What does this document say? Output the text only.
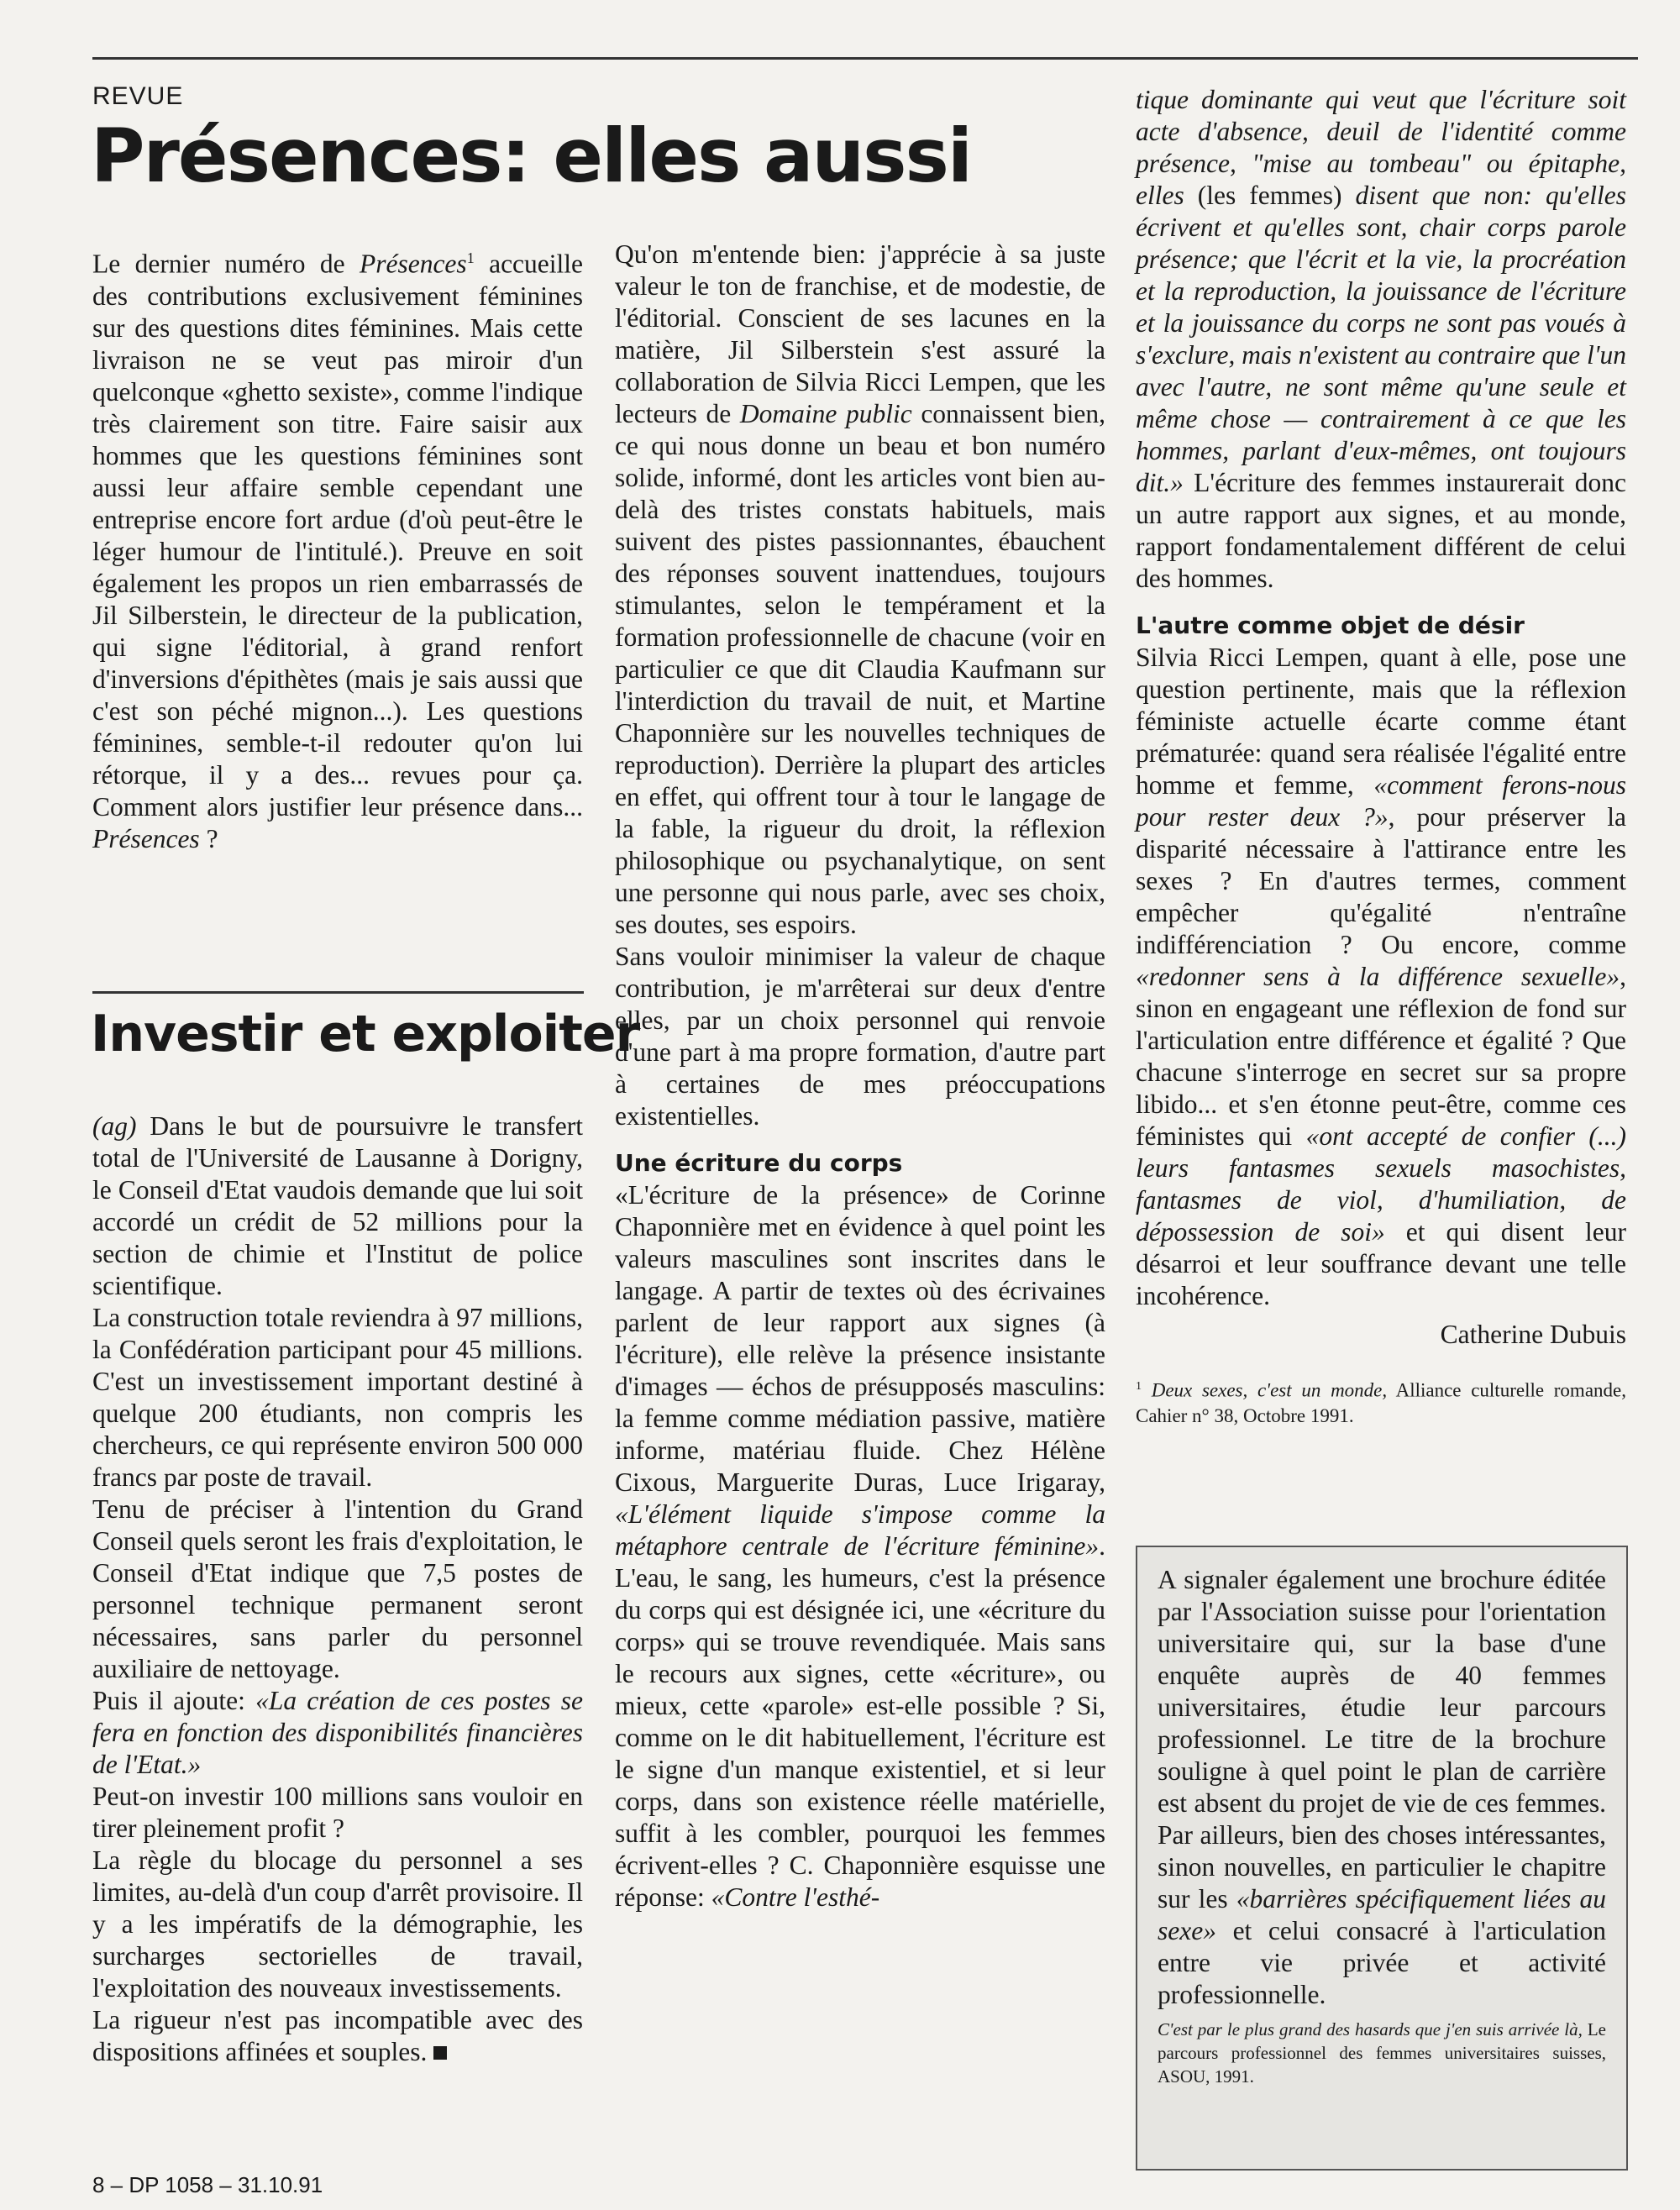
REVUE
Présences: elles aussi

Le dernier numéro de Présences$^1$ accueille des contributions exclusivement féminines sur des questions dites féminines. Mais cette livraison ne se veut pas miroir d'un quelconque «ghetto sexiste», comme l'indique très clairement son titre. Faire saisir aux hommes que les questions féminines sont aussi leur affaire semble cependant une entreprise encore fort ardue (d'où peut-être le léger humour de l'intitulé.). Preuve en soit également les propos un rien embarrassés de Jil Silberstein, le directeur de la publication, qui signe l'éditorial, à grand renfort d'inversions d'épithètes (mais je sais aussi que c'est son péché mignon...). Les questions féminines, semble-t-il redouter qu'on lui rétorque, il y a des... revues pour ça. Comment alors justifier leur présence dans... Présences ?

Investir et exploiter

(ag) Dans le but de poursuivre le transfert total de l'Université de Lausanne à Dorigny, le Conseil d'Etat vaudois demande que lui soit accordé un crédit de 52 millions pour la section de chimie et l'Institut de police scientifique.

La construction totale reviendra à 97 millions, la Confédération participant pour 45 millions. C'est un investissement important destiné à quelque 200 étudiants, non compris les chercheurs, ce qui représente environ 500 000 francs par poste de travail.

Tenu de préciser à l'intention du Grand Conseil quels seront les frais d'exploitation, le Conseil d'Etat indique que 7,5 postes de personnel technique permanent seront nécessaires, sans parler du personnel auxiliaire de nettoyage.

Puis il ajoute: «La création de ces postes se fera en fonction des disponibilités financières de l'Etat.»

Peut-on investir 100 millions sans vouloir en tirer pleinement profit ?

La règle du blocage du personnel a ses limites, au-delà d'un coup d'arrêt provisoire. Il y a les impératifs de la démographie, les surcharges sectorielles de travail, l'exploitation des nouveaux investissements.

La rigueur n'est pas incompatible avec des dispositions affinées et souples.

Qu'on m'entende bien: j'apprécie à sa juste valeur le ton de franchise, et de modestie, de l'éditorial. Conscient de ses lacunes en la matière, Jil Silberstein s'est assuré la collaboration de Silvia Ricci Lempen, que les lecteurs de Domaine public connaissent bien, ce qui nous donne un beau et bon numéro solide, informé, dont les articles vont bien au-delà des tristes constats habituels, mais suivent des pistes passionnantes, ébauchent des réponses souvent inattendues, toujours stimulantes, selon le tempérament et la formation professionnelle de chacune (voir en particulier ce que dit Claudia Kaufmann sur l'interdiction du travail de nuit, et Martine Chaponnière sur les nouvelles techniques de reproduction). Derrière la plupart des articles en effet, qui offrent tour à tour le langage de la fable, la rigueur du droit, la réflexion philosophique ou psychanalytique, on sent une personne qui nous parle, avec ses choix, ses doutes, ses espoirs.

Sans vouloir minimiser la valeur de chaque contribution, je m'arrêterai sur deux d'entre elles, par un choix personnel qui renvoie d'une part à ma propre formation, d'autre part à certaines de mes préoccupations existentielles.

Une écriture du corps

«L'écriture de la présence» de Corinne Chaponnière met en évidence à quel point les valeurs masculines sont inscrites dans le langage. A partir de textes où des écrivaines parlent de leur rapport aux signes (à l'écriture), elle relève la présence insistante d'images — échos de présupposés masculins: la femme comme médiation passive, matière informe, matériau fluide. Chez Hélène Cixous, Marguerite Duras, Luce Irigaray, «L'élément liquide s'impose comme la métaphore centrale de l'écriture féminine». L'eau, le sang, les humeurs, c'est la présence du corps qui est désignée ici, une «écriture du corps» qui se trouve revendiquée. Mais sans le recours aux signes, cette «écriture», ou mieux, cette «parole» est-elle possible ? Si, comme on le dit habituellement, l'écriture est le signe d'un manque existentiel, et si leur corps, dans son existence réelle matérielle, suffit à les combler, pourquoi les femmes écrivent-elles ? C. Chaponnière esquisse une réponse: «Contre l'esthé-

tique dominante qui veut que l'écriture soit acte d'absence, deuil de l'identité comme présence, "mise au tombeau" ou épitaphe, elles (les femmes) disent que non: qu'elles écrivent et qu'elles sont, chair corps parole présence; que l'écrit et la vie, la procréation et la reproduction, la jouissance de l'écriture et la jouissance du corps ne sont pas voués à s'exclure, mais n'existent au contraire que l'un avec l'autre, ne sont même qu'une seule et même chose — contrairement à ce que les hommes, parlant d'eux-mêmes, ont toujours dit.» L'écriture des femmes instaurerait donc un autre rapport aux signes, et au monde, rapport fondamentalement différent de celui des hommes.

L'autre comme objet de désir

Silvia Ricci Lempen, quant à elle, pose une question pertinente, mais que la réflexion féministe actuelle écarte comme étant prématurée: quand sera réalisée l'égalité entre homme et femme, «comment ferons-nous pour rester deux ?», pour préserver la disparité nécessaire à l'attirance entre les sexes ? En d'autres termes, comment empêcher qu'égalité n'entraîne indifférenciation ? Ou encore, comme «redonner sens à la différence sexuelle», sinon en engageant une réflexion de fond sur l'articulation entre différence et égalité ? Que chacune s'interroge en secret sur sa propre libido... et s'en étonne peut-être, comme ces féministes qui «ont accepté de confier (...) leurs fantasmes sexuels masochistes, fantasmes de viol, d'humiliation, de dépossession de soi» et qui disent leur désarroi et leur souffrance devant une telle incohérence.

Catherine Dubuis

$^1$ Deux sexes, c'est un monde, Alliance culturelle romande, Cahier n° 38, Octobre 1991.

A signaler également une brochure éditée par l'Association suisse pour l'orientation universitaire qui, sur la base d'une enquête auprès de 40 femmes universitaires, étudie leur parcours professionnel. Le titre de la brochure souligne à quel point le plan de carrière est absent du projet de vie de ces femmes. Par ailleurs, bien des choses intéressantes, sinon nouvelles, en particulier le chapitre sur les «barrières spécifiquement liées au sexe» et celui consacré à l'articulation entre vie privée et activité professionnelle.

C'est par le plus grand des hasards que j'en suis arrivée là, Le parcours professionnel des femmes universitaires suisses, ASOU, 1991.

8 – DP 1058 – 31.10.91
